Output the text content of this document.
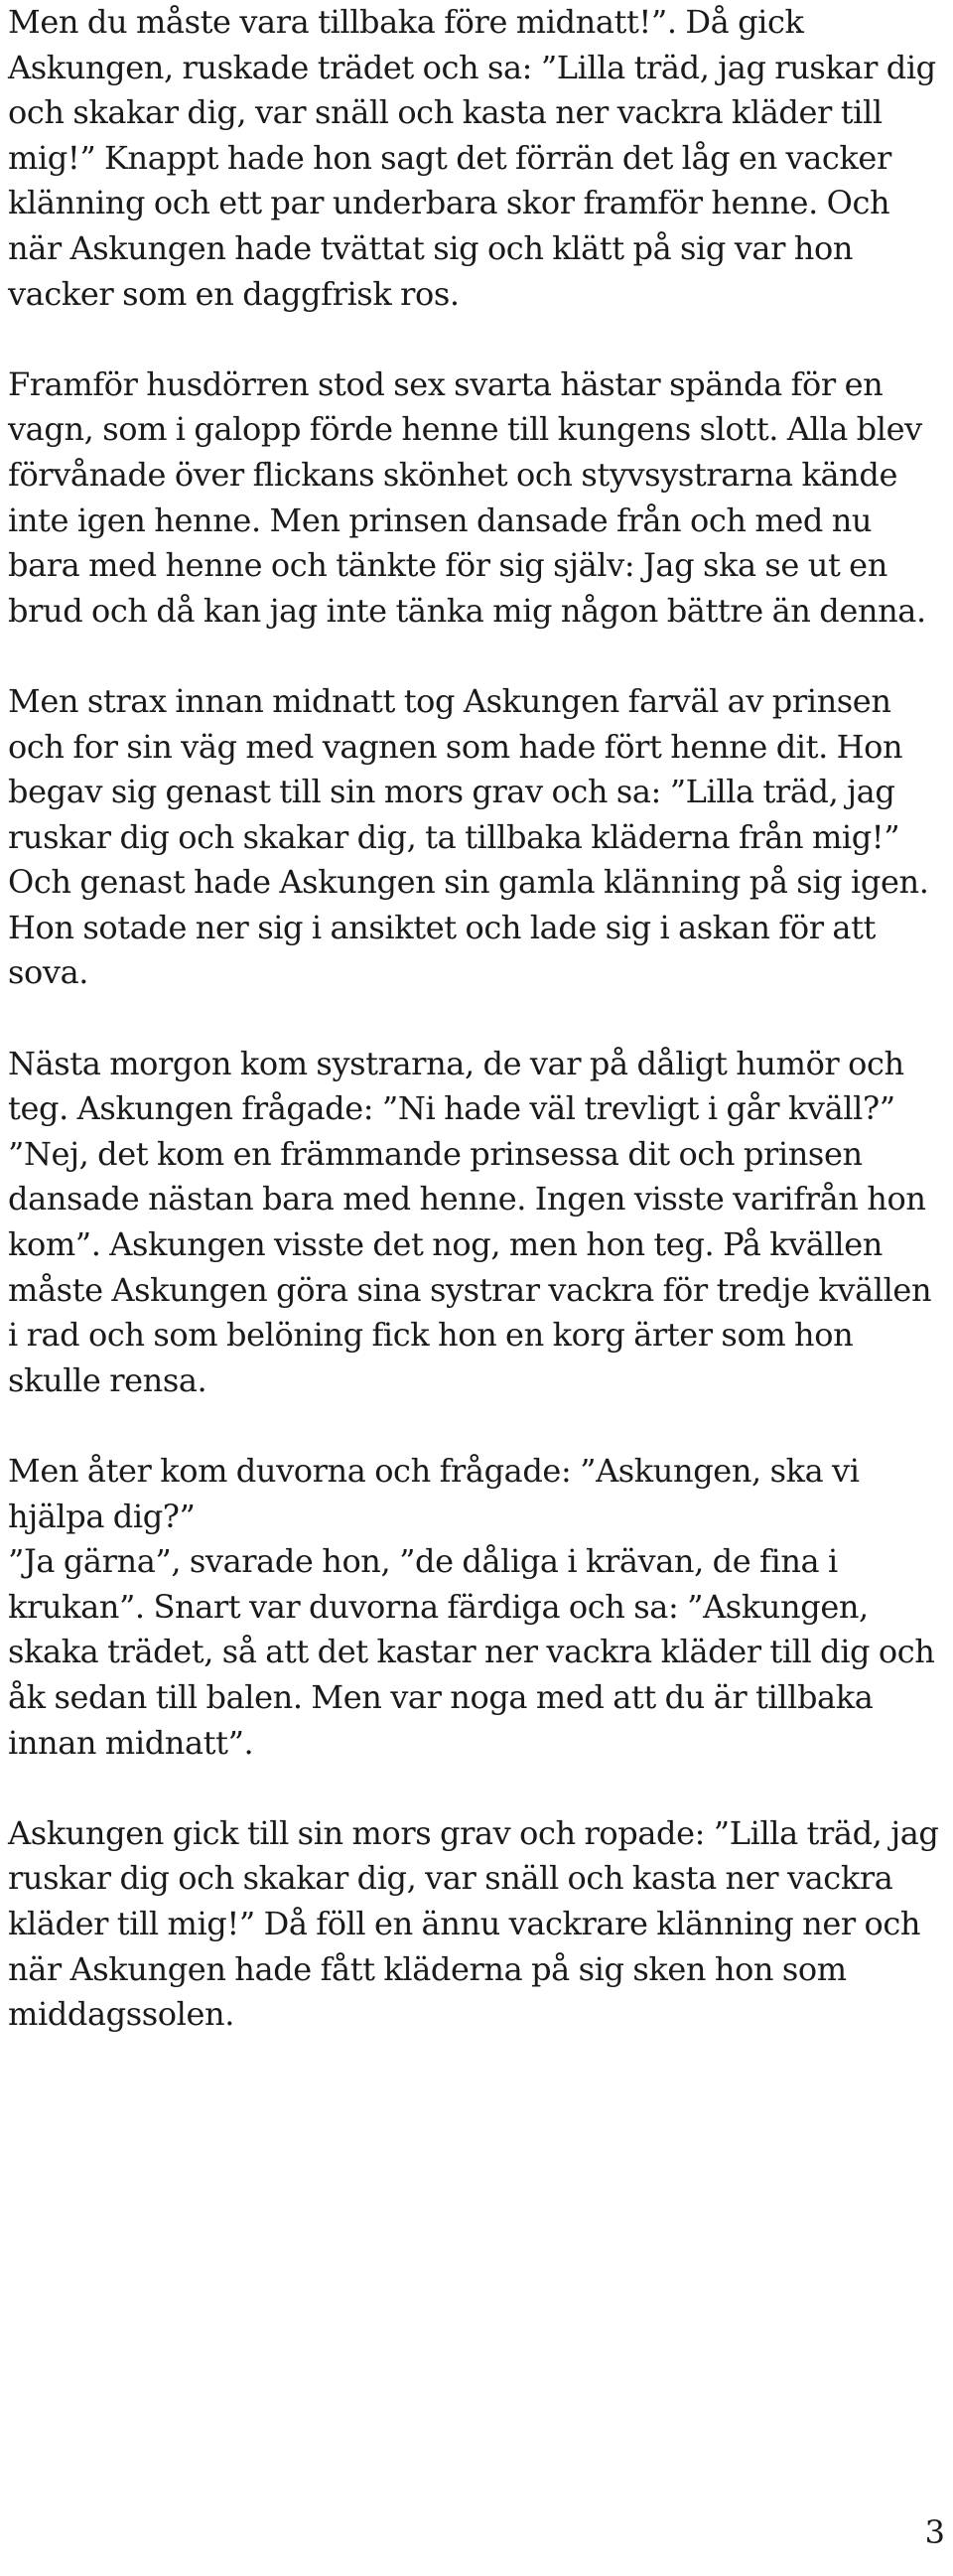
Men du måste vara tillbaka före midnatt!”. Då gick Askungen, ruskade trädet och sa: ”Lilla träd, jag ruskar dig och skakar dig, var snäll och kasta ner vackra kläder till mig!” Knappt hade hon sagt det förrän det låg en vacker klänning och ett par underbara skor framför henne. Och när Askungen hade tvättat sig och klätt på sig var hon vacker som en daggfrisk ros.

Framför husdörren stod sex svarta hästar spända för en vagn, som i galopp förde henne till kungens slott. Alla blev förvånade över flickans skönhet och styvsystrarna kände inte igen henne. Men prinsen dansade från och med nu bara med henne och tänkte för sig själv: Jag ska se ut en brud och då kan jag inte tänka mig någon bättre än denna.

Men strax innan midnatt tog Askungen farväl av prinsen och for sin väg med vagnen som hade fört henne dit. Hon begav sig genast till sin mors grav och sa: ”Lilla träd, jag ruskar dig och skakar dig, ta tillbaka kläderna från mig!” Och genast hade Askungen sin gamla klänning på sig igen. Hon sotade ner sig i ansiktet och lade sig i askan för att sova.

Nästa morgon kom systrarna, de var på dåligt humör och teg. Askungen frågade: ”Ni hade väl trevligt i går kväll?”

”Nej, det kom en främmande prinsessa dit och prinsen dansade nästan bara med henne. Ingen visste varifrån hon kom”. Askungen visste det nog, men hon teg. På kvällen måste Askungen göra sina systrar vackra för tredje kvällen i rad och som belöning fick hon en korg ärter som hon skulle rensa.

Men åter kom duvorna och frågade: ”Askungen, ska vi hjälpa dig?”

”Ja gärna”, svarade hon, ”de dåliga i krävan, de fina i krukan”. Snart var duvorna färdiga och sa: ”Askungen, skaka trädet, så att det kastar ner vackra kläder till dig och åk sedan till balen. Men var noga med att du är tillbaka innan midnatt”.

Askungen gick till sin mors grav och ropade: ”Lilla träd, jag ruskar dig och skakar dig, var snäll och kasta ner vackra kläder till mig!” Då föll en ännu vackrare klänning ner och när Askungen hade fått kläderna på sig sken hon som middagssolen.

3
